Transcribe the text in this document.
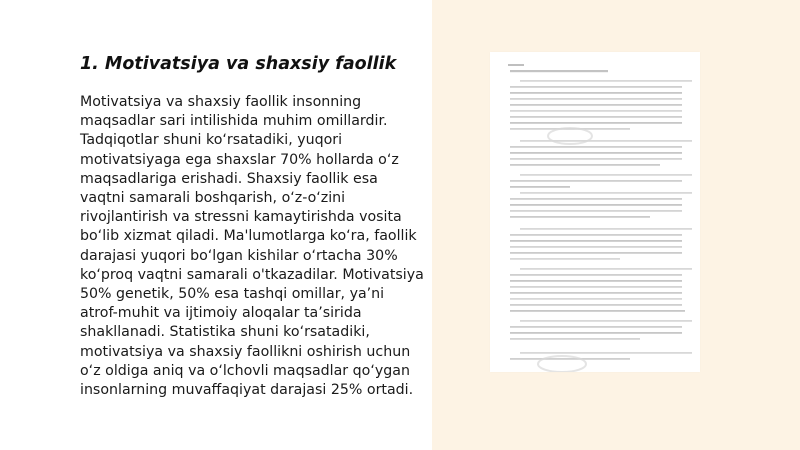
1. Motivatsiya va shaxsiy faollik

Motivatsiya va shaxsiy faollik insonning maqsadlar sari intilishida muhim omillardir. Tadqiqotlar shuni ko‘rsatadiki, yuqori motivatsiyaga ega shaxslar 70% hollarda o‘z maqsadlariga erishadi. Shaxsiy faollik esa vaqtni samarali boshqarish, o‘z-o‘zini rivojlantirish va stressni kamaytirishda vosita bo‘lib xizmat qiladi. Ma'lumotlarga ko‘ra, faollik darajasi yuqori bo‘lgan kishilar o‘rtacha 30% ko‘proq vaqtni samarali o'tkazadilar. Motivatsiya 50% genetik, 50% esa tashqi omillar, ya’ni atrof-muhit va ijtimoiy aloqalar ta’sirida shakllanadi. Statistika shuni ko‘rsatadiki, motivatsiya va shaxsiy faollikni oshirish uchun o‘z oldiga aniq va o‘lchovli maqsadlar qo‘ygan insonlarning muvaffaqiyat darajasi 25% ortadi.
